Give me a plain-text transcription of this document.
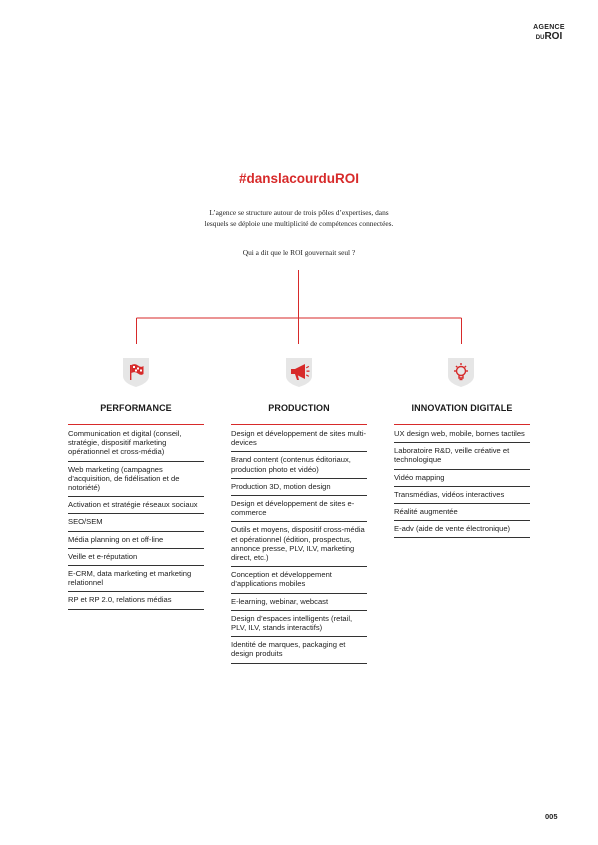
AGENCE
DUROI
#danslacourduROI
L’agence se structure autour de trois pôles d’expertises, dans lesquels se déploie une multiplicité de compétences connectées.
Qui a dit que le ROI gouvernait seul ?
PERFORMANCE
Communication et digital (conseil, stratégie, dispositif marketing opérationnel et cross-média)
Web marketing (campagnes d’acquisition, de fidélisation et de notoriété)
Activation et stratégie réseaux sociaux
SEO/SEM
Média planning on et off-line
Veille et e-réputation
E-CRM, data marketing et marketing relationnel
RP et RP 2.0, relations médias
PRODUCTION
Design et développement de sites multi-devices
Brand content (contenus éditoriaux, production photo et vidéo)
Production 3D, motion design
Design et développement de sites e-commerce
Outils et moyens, dispositif cross-média et opérationnel (édition, prospectus, annonce presse, PLV, ILV, marketing direct, etc.)
Conception et développement d’applications mobiles
E-learning, webinar, webcast
Design d’espaces intelligents (retail, PLV, ILV, stands interactifs)
Identité de marques, packaging et design produits
INNOVATION DIGITALE
UX design web, mobile, bornes tactiles
Laboratoire R&D, veille créative et technologique
Vidéo mapping
Transmédias, vidéos interactives
Réalité augmentée
E-adv (aide de vente électronique)
005
